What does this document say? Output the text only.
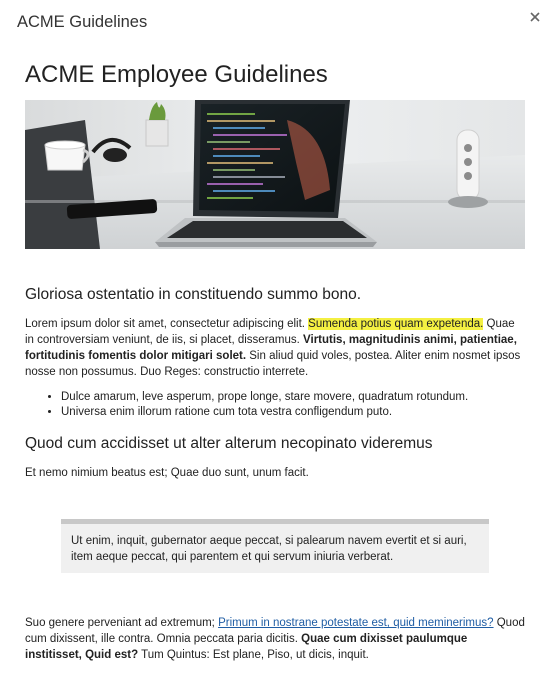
ACME Guidelines
ACME Employee Guidelines
Gloriosa ostentatio in constituendo summo bono.

Lorem ipsum dolor sit amet, consectetur adipiscing elit. Sumenda potius quam expetenda. Quae in controversiam veniunt, de iis, si placet, disseramus. Virtutis, magnitudinis animi, patientiae, fortitudinis fomentis dolor mitigari solet. Sin aliud quid voles, postea. Aliter enim nosmet ipsos nosse non possumus. Duo Reges: constructio interrete.

• Dulce amarum, leve asperum, prope longe, stare movere, quadratum rotundum.
• Universa enim illorum ratione cum tota vestra confligendum puto.
Quod cum accidisset ut alter alterum necopinato videremus

Et nemo nimium beatus est; Quae duo sunt, unum facit.

Ut enim, inquit, gubernator aeque peccat, si palearum navem evertit et si auri, item aeque peccat, qui parentem et qui servum iniuria verberat.

Suo genere perveniant ad extremum; Primum in nostrane potestate est, quid meminerimus? Quod cum dixissent, ille contra. Omnia peccata paria dicitis. Quae cum dixisset paulumque institisset, Quid est? Tum Quintus: Est plane, Piso, ut dicis, inquit.
